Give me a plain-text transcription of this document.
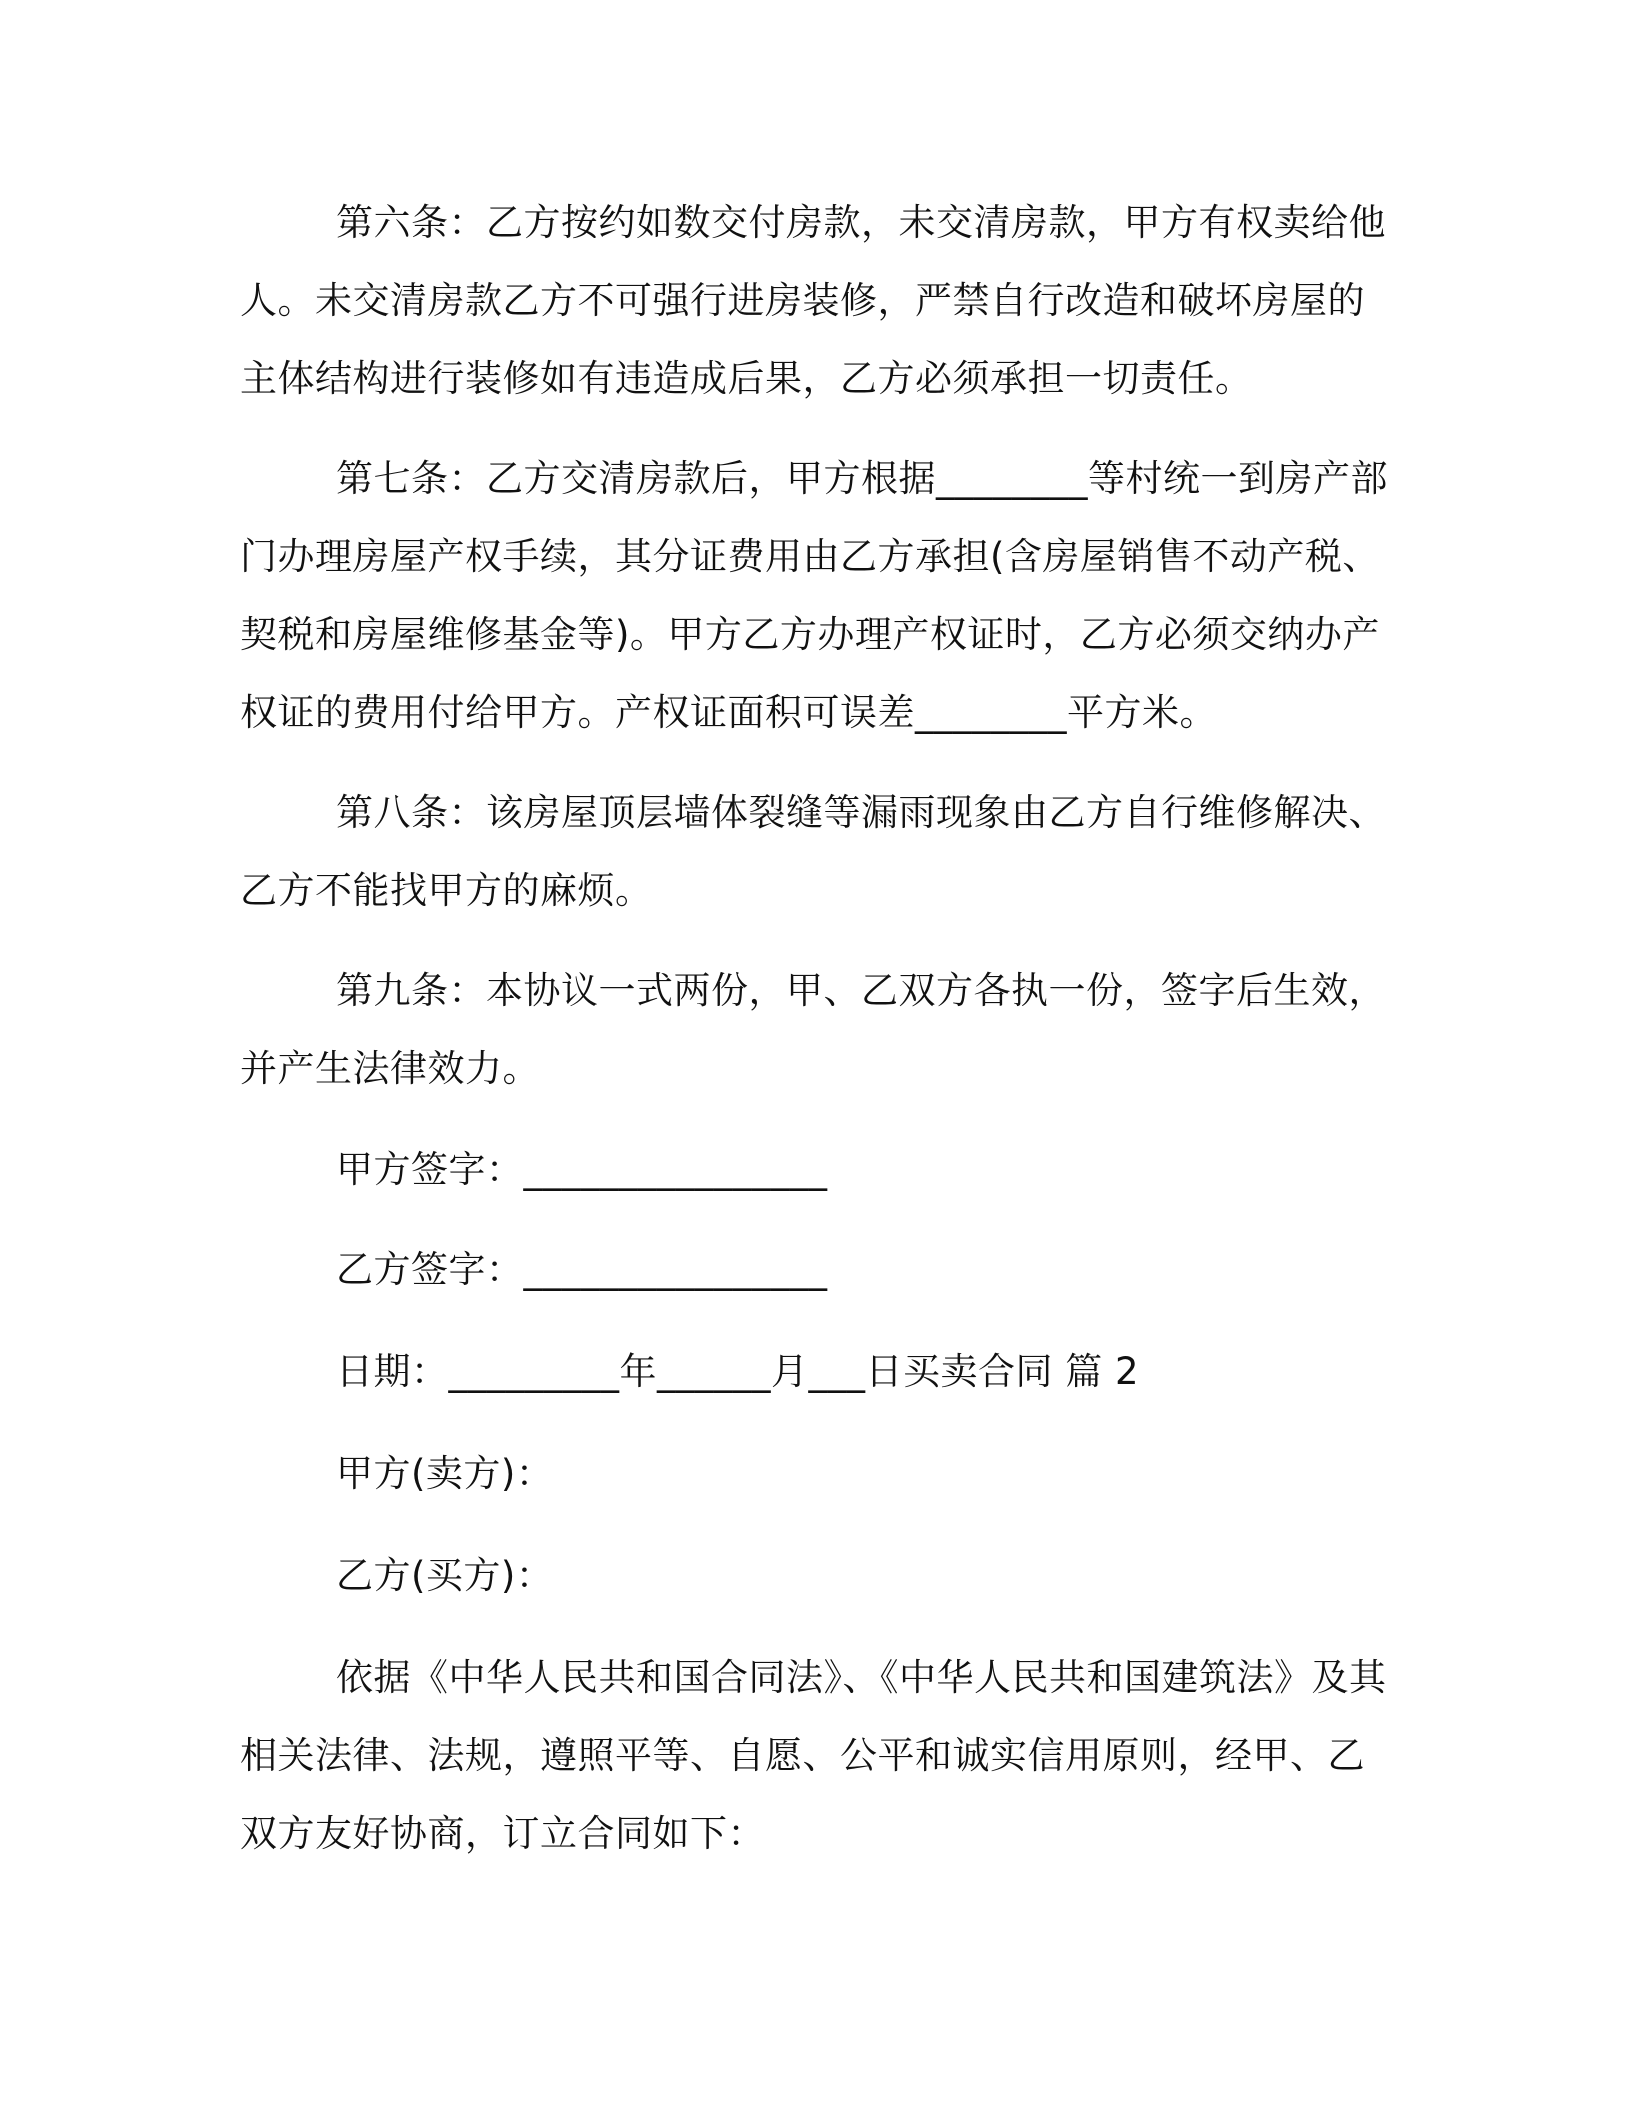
第六条：乙方按约如数交付房款，未交清房款，甲方有权卖给他人。未交清房款乙方不可强行进房装修，严禁自行改造和破坏房屋的主体结构进行装修如有违造成后果，乙方必须承担一切责任。

第七条：乙方交清房款后，甲方根据________等村统一到房产部门办理房屋产权手续，其分证费用由乙方承担(含房屋销售不动产税、契税和房屋维修基金等)。甲方乙方办理产权证时，乙方必须交纳办产权证的费用付给甲方。产权证面积可误差________平方米。

第八条：该房屋顶层墙体裂缝等漏雨现象由乙方自行维修解决、乙方不能找甲方的麻烦。

第九条：本协议一式两份，甲、乙双方各执一份，签字后生效，并产生法律效力。

甲方签字：________________

乙方签字：________________

日期：_________年______月___日买卖合同 篇 2

甲方(卖方)：

乙方(买方)：

依据《中华人民共和国合同法》、《中华人民共和国建筑法》及其相关法律、法规，遵照平等、自愿、公平和诚实信用原则，经甲、乙双方友好协商，订立合同如下：
